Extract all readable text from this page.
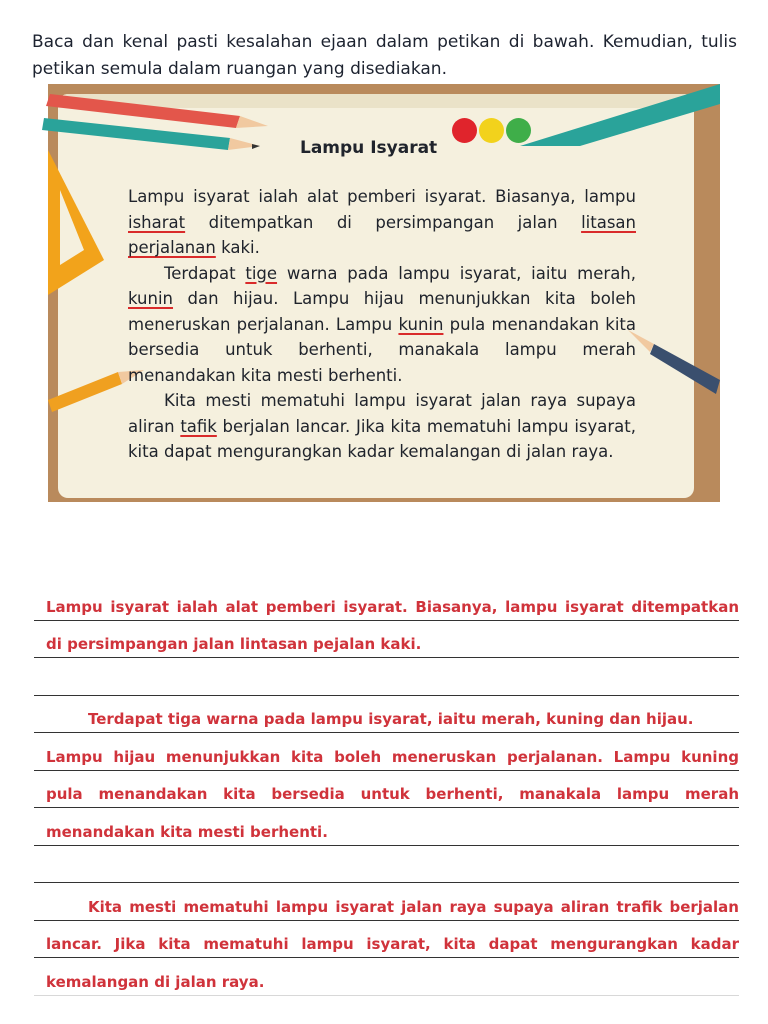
Baca dan kenal pasti kesalahan ejaan dalam petikan di bawah. Kemudian, tulis petikan semula dalam ruangan yang disediakan.

Lampu Isyarat

Lampu isyarat ialah alat pemberi isyarat. Biasanya, lampu isharat ditempatkan di persimpangan jalan litasan perjalanan kaki.

Terdapat tige warna pada lampu isyarat, iaitu merah, kunin dan hijau. Lampu hijau menunjukkan kita boleh meneruskan perjalanan. Lampu kunin pula menandakan kita bersedia untuk berhenti, manakala lampu merah menandakan kita mesti berhenti.

Kita mesti mematuhi lampu isyarat jalan raya supaya aliran tafik berjalan lancar. Jika kita mematuhi lampu isyarat, kita dapat mengurangkan kadar kemalangan di jalan raya.

Lampu isyarat ialah alat pemberi isyarat. Biasanya, lampu isyarat ditempatkan
di persimpangan jalan lintasan pejalan kaki.
Terdapat tiga warna pada lampu isyarat, iaitu merah, kuning dan hijau.
Lampu hijau menunjukkan kita boleh meneruskan perjalanan. Lampu kuning
pula menandakan kita bersedia untuk berhenti, manakala lampu merah
menandakan kita mesti berhenti.
Kita mesti mematuhi lampu isyarat jalan raya supaya aliran trafik berjalan
lancar. Jika kita mematuhi lampu isyarat, kita dapat mengurangkan kadar
kemalangan di jalan raya.
